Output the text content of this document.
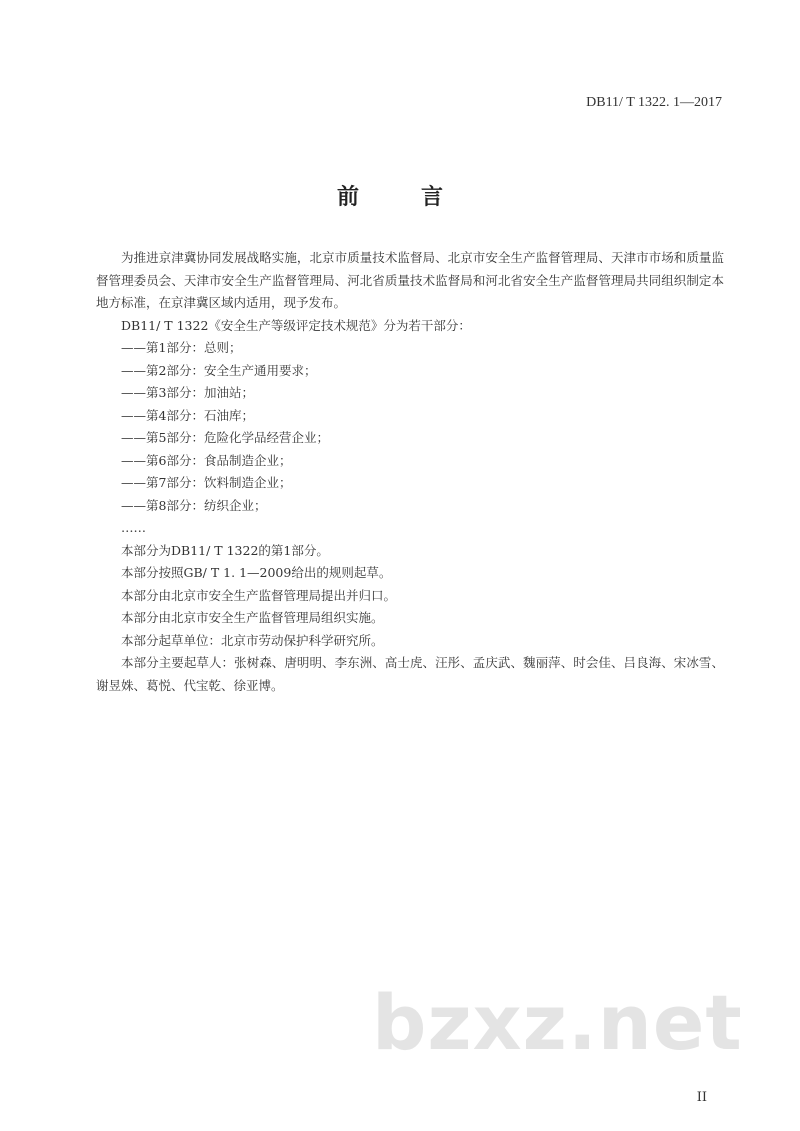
DB11/ T 1322. 1—2017
前　言
为推进京津冀协同发展战略实施，北京市质量技术监督局、北京市安全生产监督管理局、天津市市场和质量监督管理委员会、天津市安全生产监督管理局、河北省质量技术监督局和河北省安全生产监督管理局共同组织制定本地方标准，在京津冀区域内适用，现予发布。
DB11/ T 1322《安全生产等级评定技术规范》分为若干部分：
——第1部分：总则；
——第2部分：安全生产通用要求；
——第3部分：加油站；
——第4部分：石油库；
——第5部分：危险化学品经营企业；
——第6部分：食品制造企业；
——第7部分：饮料制造企业；
——第8部分：纺织企业；
……
本部分为DB11/ T 1322的第1部分。
本部分按照GB/ T 1. 1—2009给出的规则起草。
本部分由北京市安全生产监督管理局提出并归口。
本部分由北京市安全生产监督管理局组织实施。
本部分起草单位：北京市劳动保护科学研究所。
本部分主要起草人：张树森、唐明明、李东洲、高士虎、汪彤、孟庆武、魏丽萍、时会佳、吕良海、宋冰雪、谢昱姝、葛悦、代宝乾、徐亚博。
bzxz.net
II
